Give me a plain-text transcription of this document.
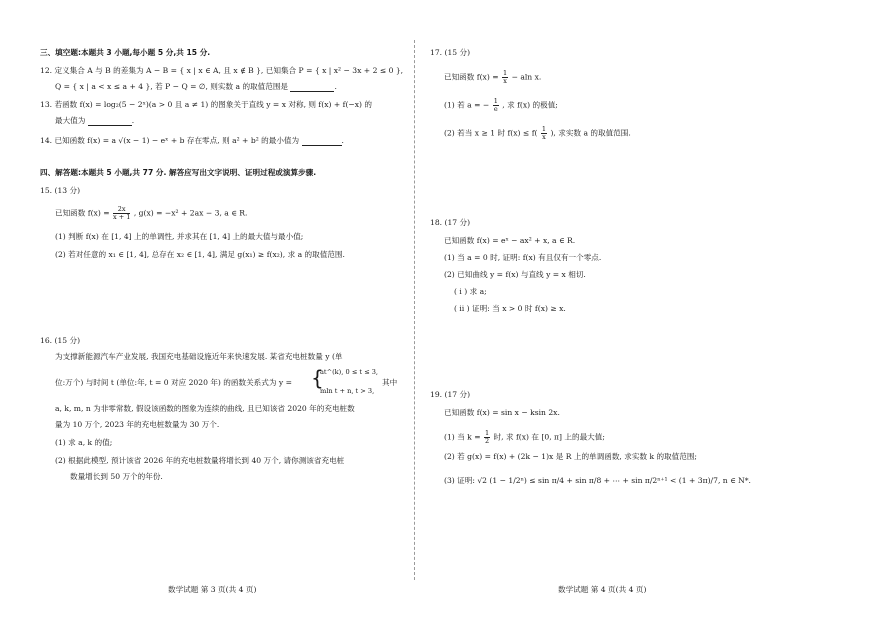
三、填空题:本题共 3 小题,每小题 5 分,共 15 分.
12. 定义集合 A 与 B 的差集为 A − B = { x | x ∈ A, 且 x ∉ B }, 已知集合 P = { x | x² − 3x + 2 ≤ 0 },
Q = { x | a < x ≤ a + 4 }, 若 P − Q = ∅, 则实数 a 的取值范围是	.
13. 若函数 f(x) = log₂(5 − 2ˣ)(a > 0 且 a ≠ 1) 的图象关于直线 y = x 对称, 则 f(x) + f(−x) 的
最大值为	.
14. 已知函数 f(x) = a √(x − 1) − eˣ + b 存在零点, 则 a² + b² 的最小值为	.
四、解答题:本题共 5 小题,共 77 分. 解答应写出文字说明、证明过程或演算步骤.
15. (13 分)
已知函数 $f(x) = \frac{2x}{x + 1}$ , g(x) = −x² + 2ax − 3, a ∈ R.
(1) 判断 f(x) 在 [1, 4] 上的单调性, 并求其在 [1, 4] 上的最大值与最小值;
(2) 若对任意的 x₁ ∈ [1, 4], 总存在 x₂ ∈ [1, 4], 满足 g(x₁) ≥ f(x₂), 求 a 的取值范围.
16. (15 分)
为支撑新能源汽车产业发展, 我国充电基础设施近年来快速发展. 某省充电桩数量 y (单
位:万个) 与时间 t (单位:年, t = 0 对应 2020 年) 的函数关系式为 y = {
at^(k), 0 ≤ t ≤ 3,
mln t + n, t > 3,
其中
a, k, m, n 为非零常数, 假设该函数的图象为连续的曲线, 且已知该省 2020 年的充电桩数
量为 10 万个, 2023 年的充电桩数量为 30 万个.
(1) 求 a, k 的值;
(2) 根据此模型, 预计该省 2026 年的充电桩数量将增长到 40 万个, 请你测该省充电桩
数量增长到 50 万个的年份.
数学试题 第 3 页(共 4 页)
17. (15 分)
已知函数 $f(x) = \frac{1}{x} - aln$ x.
(1) 若 a = − $\frac{1}{e}$ , 求 f(x) 的极值;
(2) 若当 x ≥ 1 时 $f(x) \le f( \frac{1}{x}$ ), 求实数 a 的取值范围.
18. (17 分)
已知函数 f(x) = eˣ − ax² + x, a ∈ R.
(1) 当 a = 0 时, 证明: f(x) 有且仅有一个零点.
(2) 已知曲线 y = f(x) 与直线 y = x 相切.
( ⅰ ) 求 a;
( ⅱ ) 证明: 当 x > 0 时 f(x) ≥ x.
19. (17 分)
已知函数 f(x) = sin x − ksin 2x.
(1) 当 $k = \frac{1}{2}$ 时, 求 f(x) 在 [0, π] 上的最大值;
(2) 若 g(x) = f(x) + (2k − 1)x 是 R 上的单调函数, 求实数 k 的取值范围;
(3) 证明: √2 (1 − 1/2ⁿ) ≤ sin π/4 + sin π/8 + ⋯ + sin π/2ⁿ⁺¹ < (1 + 3π)/7, n ∈ N*.
数学试题 第 4 页(共 4 页)
